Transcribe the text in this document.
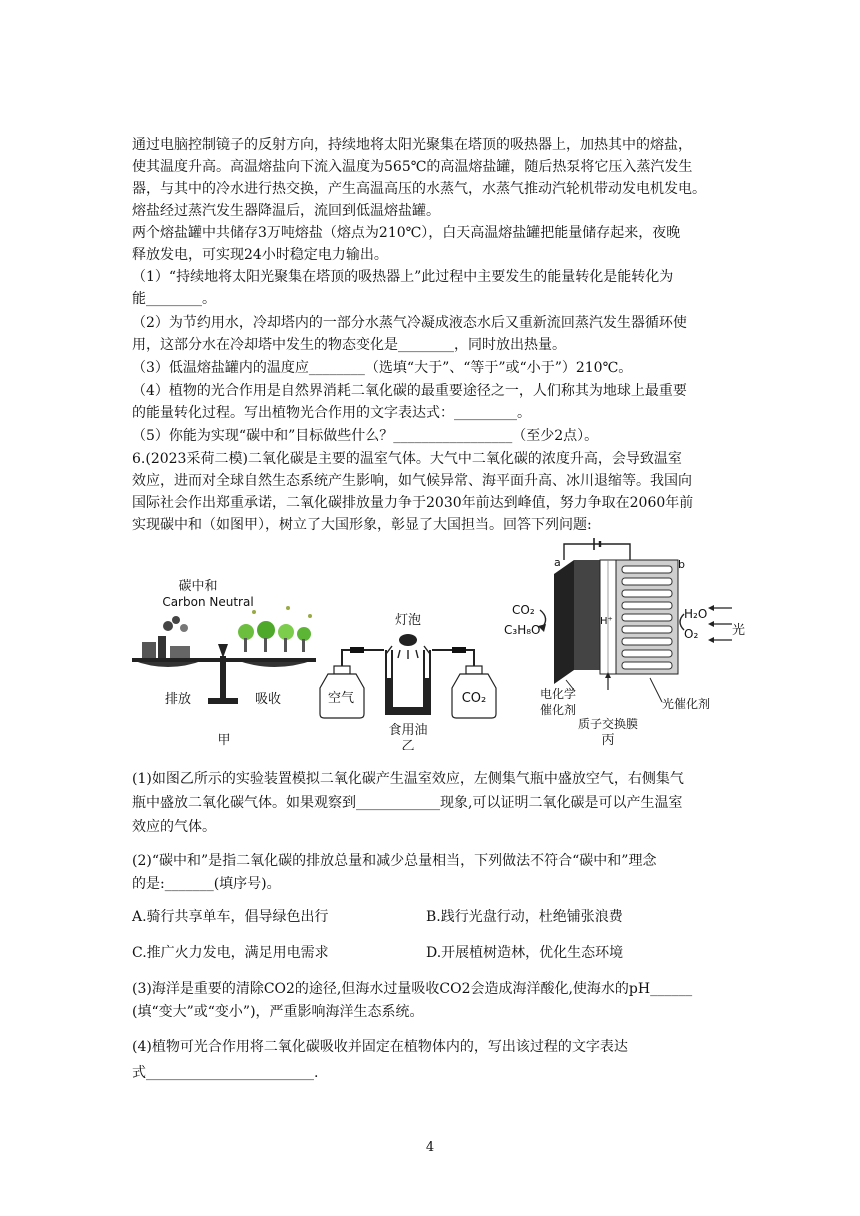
通过电脑控制镜子的反射方向，持续地将太阳光聚集在塔顶的吸热器上，加热其中的熔盐，

使其温度升高。高温熔盐向下流入温度为565℃的高温熔盐罐，随后热泵将它压入蒸汽发生

器，与其中的冷水进行热交换，产生高温高压的水蒸气，水蒸气推动汽轮机带动发电机发电。

熔盐经过蒸汽发生器降温后，流回到低温熔盐罐。

两个熔盐罐中共储存3万吨熔盐（熔点为210℃），白天高温熔盐罐把能量储存起来，夜晚

释放发电，可实现24小时稳定电力输出。

（1）“持续地将太阳光聚集在塔顶的吸热器上”此过程中主要发生的能量转化是能转化为

能________。

（2）为节约用水，冷却塔内的一部分水蒸气冷凝成液态水后又重新流回蒸汽发生器循环使

用，这部分水在冷却塔中发生的物态变化是________，同时放出热量。

（3）低温熔盐罐内的温度应________（选填“大于”、“等于”或“小于”）210℃。

（4）植物的光合作用是自然界消耗二氧化碳的最重要途径之一，人们称其为地球上最重要

的能量转化过程。写出植物光合作用的文字表达式：_________。

（5）你能为实现“碳中和”目标做些什么？_________________（至少2点）。

6.(2023采荷二模)二氧化碳是主要的温室气体。大气中二氧化碳的浓度升高，会导致温室

效应，进而对全球自然生态系统产生影响，如气候异常、海平面升高、冰川退缩等。我国向

国际社会作出郑重承诺，二氧化碳排放量力争于2030年前达到峰值，努力争取在2060年前

实现碳中和（如图甲），树立了大国形象，彰显了大国担当。回答下列问题:

碳中和
Carbon Neutral
排放	吸收
甲
灯泡
空气	CO₂
食用油
乙
a	b
H⁺
CO₂
C₃H₈O
H₂O
O₂	光
电化学
催化剂	光催化剂
质子交换膜
丙

(1)如图乙所示的实验装置模拟二氧化碳产生温室效应，左侧集气瓶中盛放空气，右侧集气

瓶中盛放二氧化碳气体。如果观察到____________现象,可以证明二氧化碳是可以产生温室

效应的气体。

(2)“碳中和”是指二氧化碳的排放总量和减少总量相当，下列做法不符合“碳中和”理念

的是:_______(填序号)。

A.骑行共享单车，倡导绿色出行	B.践行光盘行动，杜绝铺张浪费

C.推广火力发电，满足用电需求	D.开展植树造林，优化生态环境

(3)海洋是重要的清除CO2的途径,但海水过量吸收CO2会造成海洋酸化,使海水的pH______

(填“变大”或“变小”)，严重影响海洋生态系统。

(4)植物可光合作用将二氧化碳吸收并固定在植物体内的，写出该过程的文字表达

式________________________.

4
